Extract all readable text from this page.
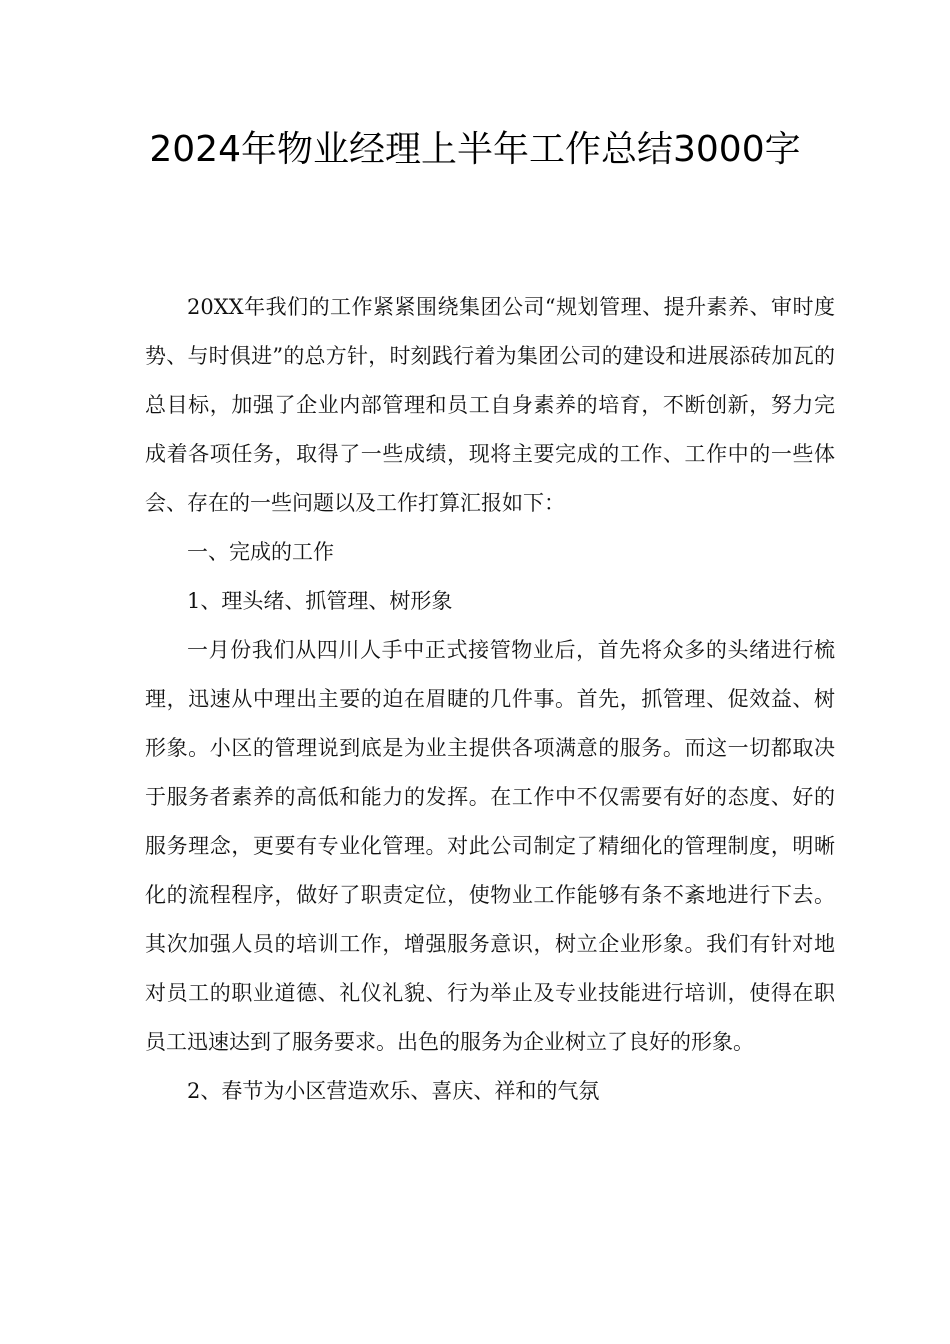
2024年物业经理上半年工作总结3000字

20XX年我们的工作紧紧围绕集团公司“规划管理、提升素养、审时度势、与时俱进”的总方针，时刻践行着为集团公司的建设和进展添砖加瓦的总目标，加强了企业内部管理和员工自身素养的培育，不断创新，努力完成着各项任务，取得了一些成绩，现将主要完成的工作、工作中的一些体会、存在的一些问题以及工作打算汇报如下：

一、完成的工作

1、理头绪、抓管理、树形象

一月份我们从四川人手中正式接管物业后，首先将众多的头绪进行梳理，迅速从中理出主要的迫在眉睫的几件事。首先，抓管理、促效益、树形象。小区的管理说到底是为业主提供各项满意的服务。而这一切都取决于服务者素养的高低和能力的发挥。在工作中不仅需要有好的态度、好的服务理念，更要有专业化管理。对此公司制定了精细化的管理制度，明晰化的流程程序，做好了职责定位，使物业工作能够有条不紊地进行下去。其次加强人员的培训工作，增强服务意识，树立企业形象。我们有针对地对员工的职业道德、礼仪礼貌、行为举止及专业技能进行培训，使得在职员工迅速达到了服务要求。出色的服务为企业树立了良好的形象。

2、春节为小区营造欢乐、喜庆、祥和的气氛
